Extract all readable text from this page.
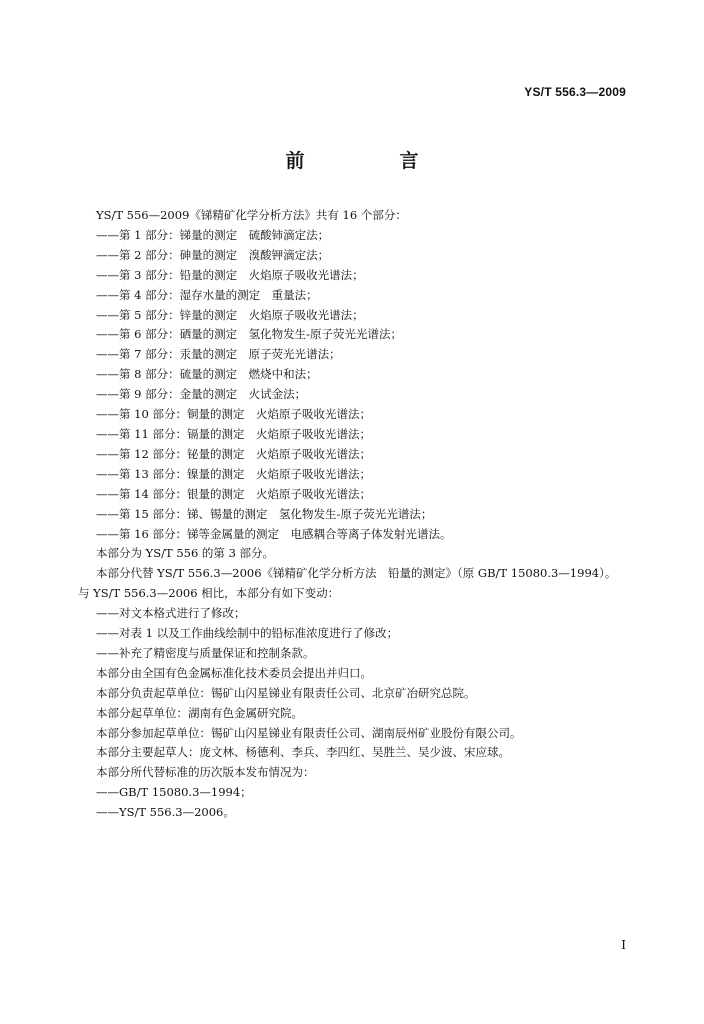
YS/T 556.3—2009
前　言
YS/T 556—2009《锑精矿化学分析方法》共有 16 个部分：
——第 1 部分：锑量的测定　硫酸铈滴定法；
——第 2 部分：砷量的测定　溴酸钾滴定法；
——第 3 部分：铅量的测定　火焰原子吸收光谱法；
——第 4 部分：湿存水量的测定　重量法；
——第 5 部分：锌量的测定　火焰原子吸收光谱法；
——第 6 部分：硒量的测定　氢化物发生-原子荧光光谱法；
——第 7 部分：汞量的测定　原子荧光光谱法；
——第 8 部分：硫量的测定　燃烧中和法；
——第 9 部分：金量的测定　火试金法；
——第 10 部分：铜量的测定　火焰原子吸收光谱法；
——第 11 部分：镉量的测定　火焰原子吸收光谱法；
——第 12 部分：铋量的测定　火焰原子吸收光谱法；
——第 13 部分：镍量的测定　火焰原子吸收光谱法；
——第 14 部分：银量的测定　火焰原子吸收光谱法；
——第 15 部分：锑、锡量的测定　氢化物发生-原子荧光光谱法；
——第 16 部分：锑等金属量的测定　电感耦合等离子体发射光谱法。
本部分为 YS/T 556 的第 3 部分。
本部分代替 YS/T 556.3—2006《锑精矿化学分析方法　铅量的测定》（原 GB/T 15080.3—1994）。
与 YS/T 556.3—2006 相比，本部分有如下变动：
——对文本格式进行了修改；
——对表 1 以及工作曲线绘制中的铅标准浓度进行了修改；
——补充了精密度与质量保证和控制条款。
本部分由全国有色金属标准化技术委员会提出并归口。
本部分负责起草单位：锡矿山闪星锑业有限责任公司、北京矿冶研究总院。
本部分起草单位：湖南有色金属研究院。
本部分参加起草单位：锡矿山闪星锑业有限责任公司、湖南辰州矿业股份有限公司。
本部分主要起草人：庞文林、杨德利、李兵、李四红、吴胜兰、吴少波、宋应球。
本部分所代替标准的历次版本发布情况为：
——GB/T 15080.3—1994；
——YS/T 556.3—2006。
I
